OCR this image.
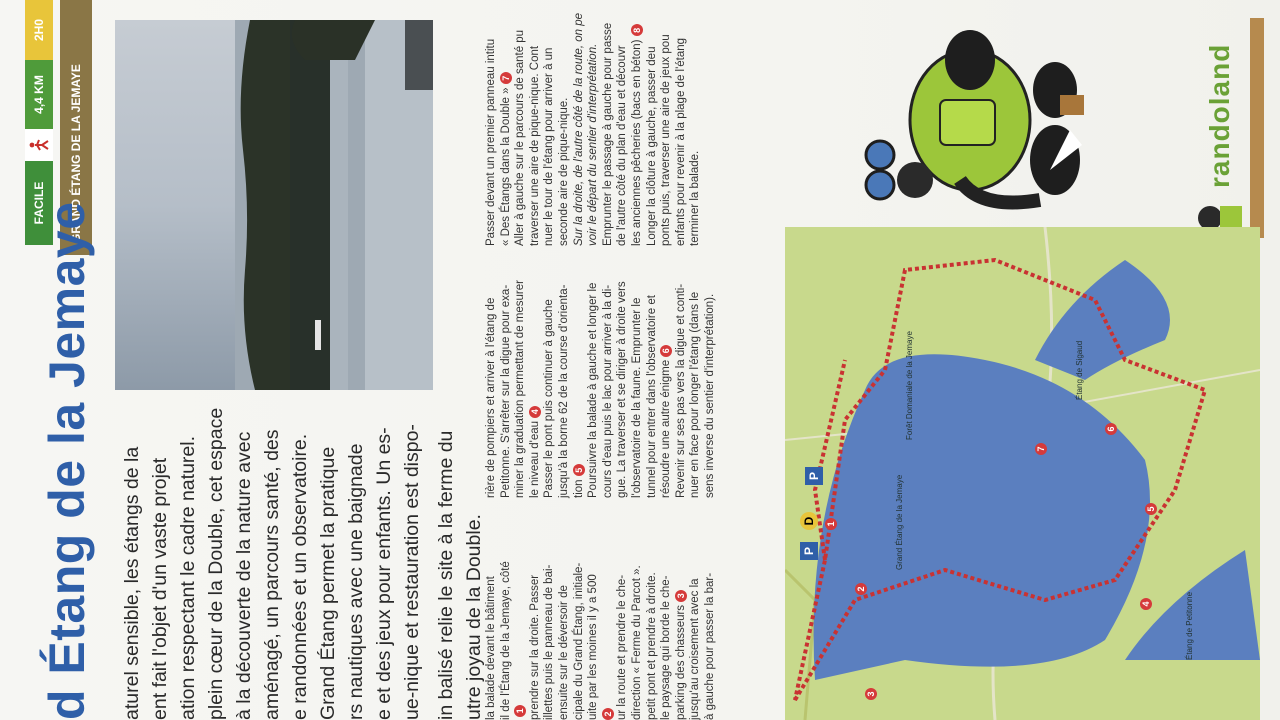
FACILE
4,4 KM
2H0
GRAND ÉTANG DE LA JEMAYE
d Étang de la Jemaye aturel sensible, les étangs de la ent fait l'objet d'un vaste projet ation respectant le cadre naturel. plein cœur de la Double, cet espace à la découverte de la nature avec aménagé, un parcours santé, des e randonnées et un observatoire. Grand Étang permet la pratique rs nautiques avec une baignade e et des jeux pour enfants. Un es- ue-nique et restauration est dispo- in balisé relie le site à la ferme du utre joyau de la Double. la balade devant le bâtiment il de l'Étang de la Jemaye, côté 1 prendre sur la droite. Passer illettes puis le panneau de bai- ensuite sur le déversoir de cipale du Grand Étang, initiale- uite par les moines il y a 500 2 ur la route et prendre le che- direction « Ferme du Parcot ». petit pont et prendre à droite. le paysage qui borde le che- parking des chasseurs 3 jusqu'au croisement avec la à gauche pour passer la bar-

rière de pompiers et arriver à l'étang de Petitonne. S'arrêter sur la digue pour exa- miner la graduation permettant de mesurer le niveau d'eau 4 Passer le pont puis continuer à gauche jusqu'à la borne 62 de la course d'orienta- tion 5 Poursuivre la balade à gauche et longer le cours d'eau puis le lac pour arriver à la di- gue. La traverser et se diriger à droite vers l'observatoire de la faune. Emprunter le tunnel pour entrer dans l'observatoire et résoudre une autre énigme 6 Revenir sur ses pas vers la digue et conti- nuer en face pour longer l'étang (dans le sens inverse du sentier d'interprétation).

Passer devant un premier panneau intitu « Des Étangs dans la Double » 7 Aller à gauche sur le parcours de santé pu traverser une aire de pique-nique. Cont nuer le tour de l'étang pour arriver à un seconde aire de pique-nique. Sur la droite, de l'autre côté de la route, on pe voir le départ du sentier d'interprétation. Emprunter le passage à gauche pour passe de l'autre côté du plan d'eau et découvr les anciennes pêcheries (bacs en béton) 8

Longer la clôture à gauche, passer deu ponts puis, traverser une aire de jeux pou enfants pour revenir à la plage de l'étang terminer la balade.

randoland
Grand Étang de la Jemaye
Forêt Domaniale de la Jemaye	Étang de Sigaud
Étang de Petitonne
P
D
P
1
2
3
4
5
6
7
